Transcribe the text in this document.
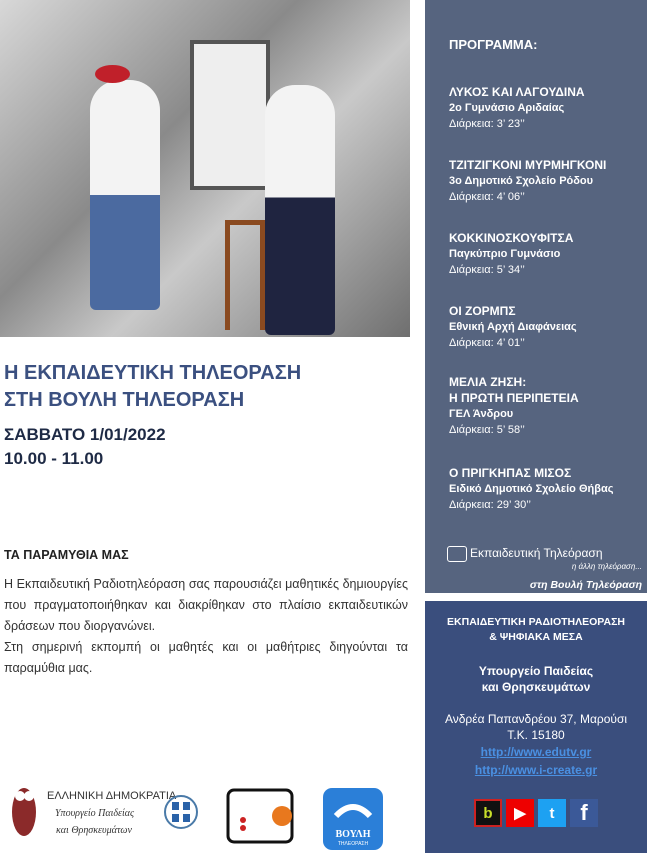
Η ΕΚΠΑΙΔΕΥΤΙΚΗ ΤΗΛΕΟΡΑΣΗ
ΣΤΗ ΒΟΥΛΗ ΤΗΛΕΟΡΑΣΗ
ΣΑΒΒΑΤΟ 1/01/2022
10.00 - 11.00
ΤΑ ΠΑΡΑΜΥΘΙΑ ΜΑΣ

Η Εκπαιδευτική Ραδιοτηλεόραση σας παρουσιάζει μαθητικές δημιουργίες που πραγματοποιήθηκαν και διακρίθηκαν στο πλαίσιο εκπαιδευτικών δράσεων που διοργανώνει.

Στη σημερινή εκπομπή οι μαθητές και οι μαθήτριες διηγούνται τα παραμύθια μας.

ΕΛΛΗΝΙΚΗ ΔΗΜΟΚΡΑΤΙΑ
Υπουργείο Παιδείας
και Θρησκευμάτων	ΒΟΥΛΗ
ΤΗΛΕΟΡΑΣΗ
ΠΡΟΓΡΑΜΜΑ:
ΛΥΚΟΣ ΚΑΙ ΛΑΓΟΥΔΙΝΑ
2ο Γυμνάσιο Αριδαίας
Διάρκεια: 3’ 23’’
ΤΖΙΤΖΙΓΚΟΝΙ ΜΥΡΜΗΓΚΟΝΙ
3ο Δημοτικό Σχολείο Ρόδου
Διάρκεια: 4’ 06’’
ΚΟΚΚΙΝΟΣΚΟΥΦΙΤΣΑ
Παγκύπριο Γυμνάσιο
Διάρκεια: 5’ 34’’
ΟΙ ΖΟΡΜΠΣ
Εθνική Αρχή Διαφάνειας
Διάρκεια: 4’ 01’’
ΜΕΛΙΑ ΖΗΣΗ:
Η ΠΡΩΤΗ ΠΕΡΙΠΕΤΕΙΑ
ΓΕΛ Άνδρου
Διάρκεια: 5’ 58’’
Ο ΠΡΙΓΚΗΠΑΣ ΜΙΣΟΣ
Ειδικό Δημοτικό Σχολείο Θήβας
Διάρκεια: 29’ 30’’
Εκπαιδευτική Τηλεόραση
η άλλη τηλεόραση...
στη Βουλή Τηλεόραση
ΕΚΠΑΙΔΕΥΤΙΚΗ ΡΑΔΙΟΤΗΛΕΟΡΑΣΗ
& ΨΗΦΙΑΚΑ ΜΕΣΑ
Υπουργείο Παιδείας
και Θρησκευμάτων
Ανδρέα Παπανδρέου 37, Μαρούσι
Τ.Κ. 15180
http://www.edutv.gr
http://www.i-create.gr
b	▶	t	f
